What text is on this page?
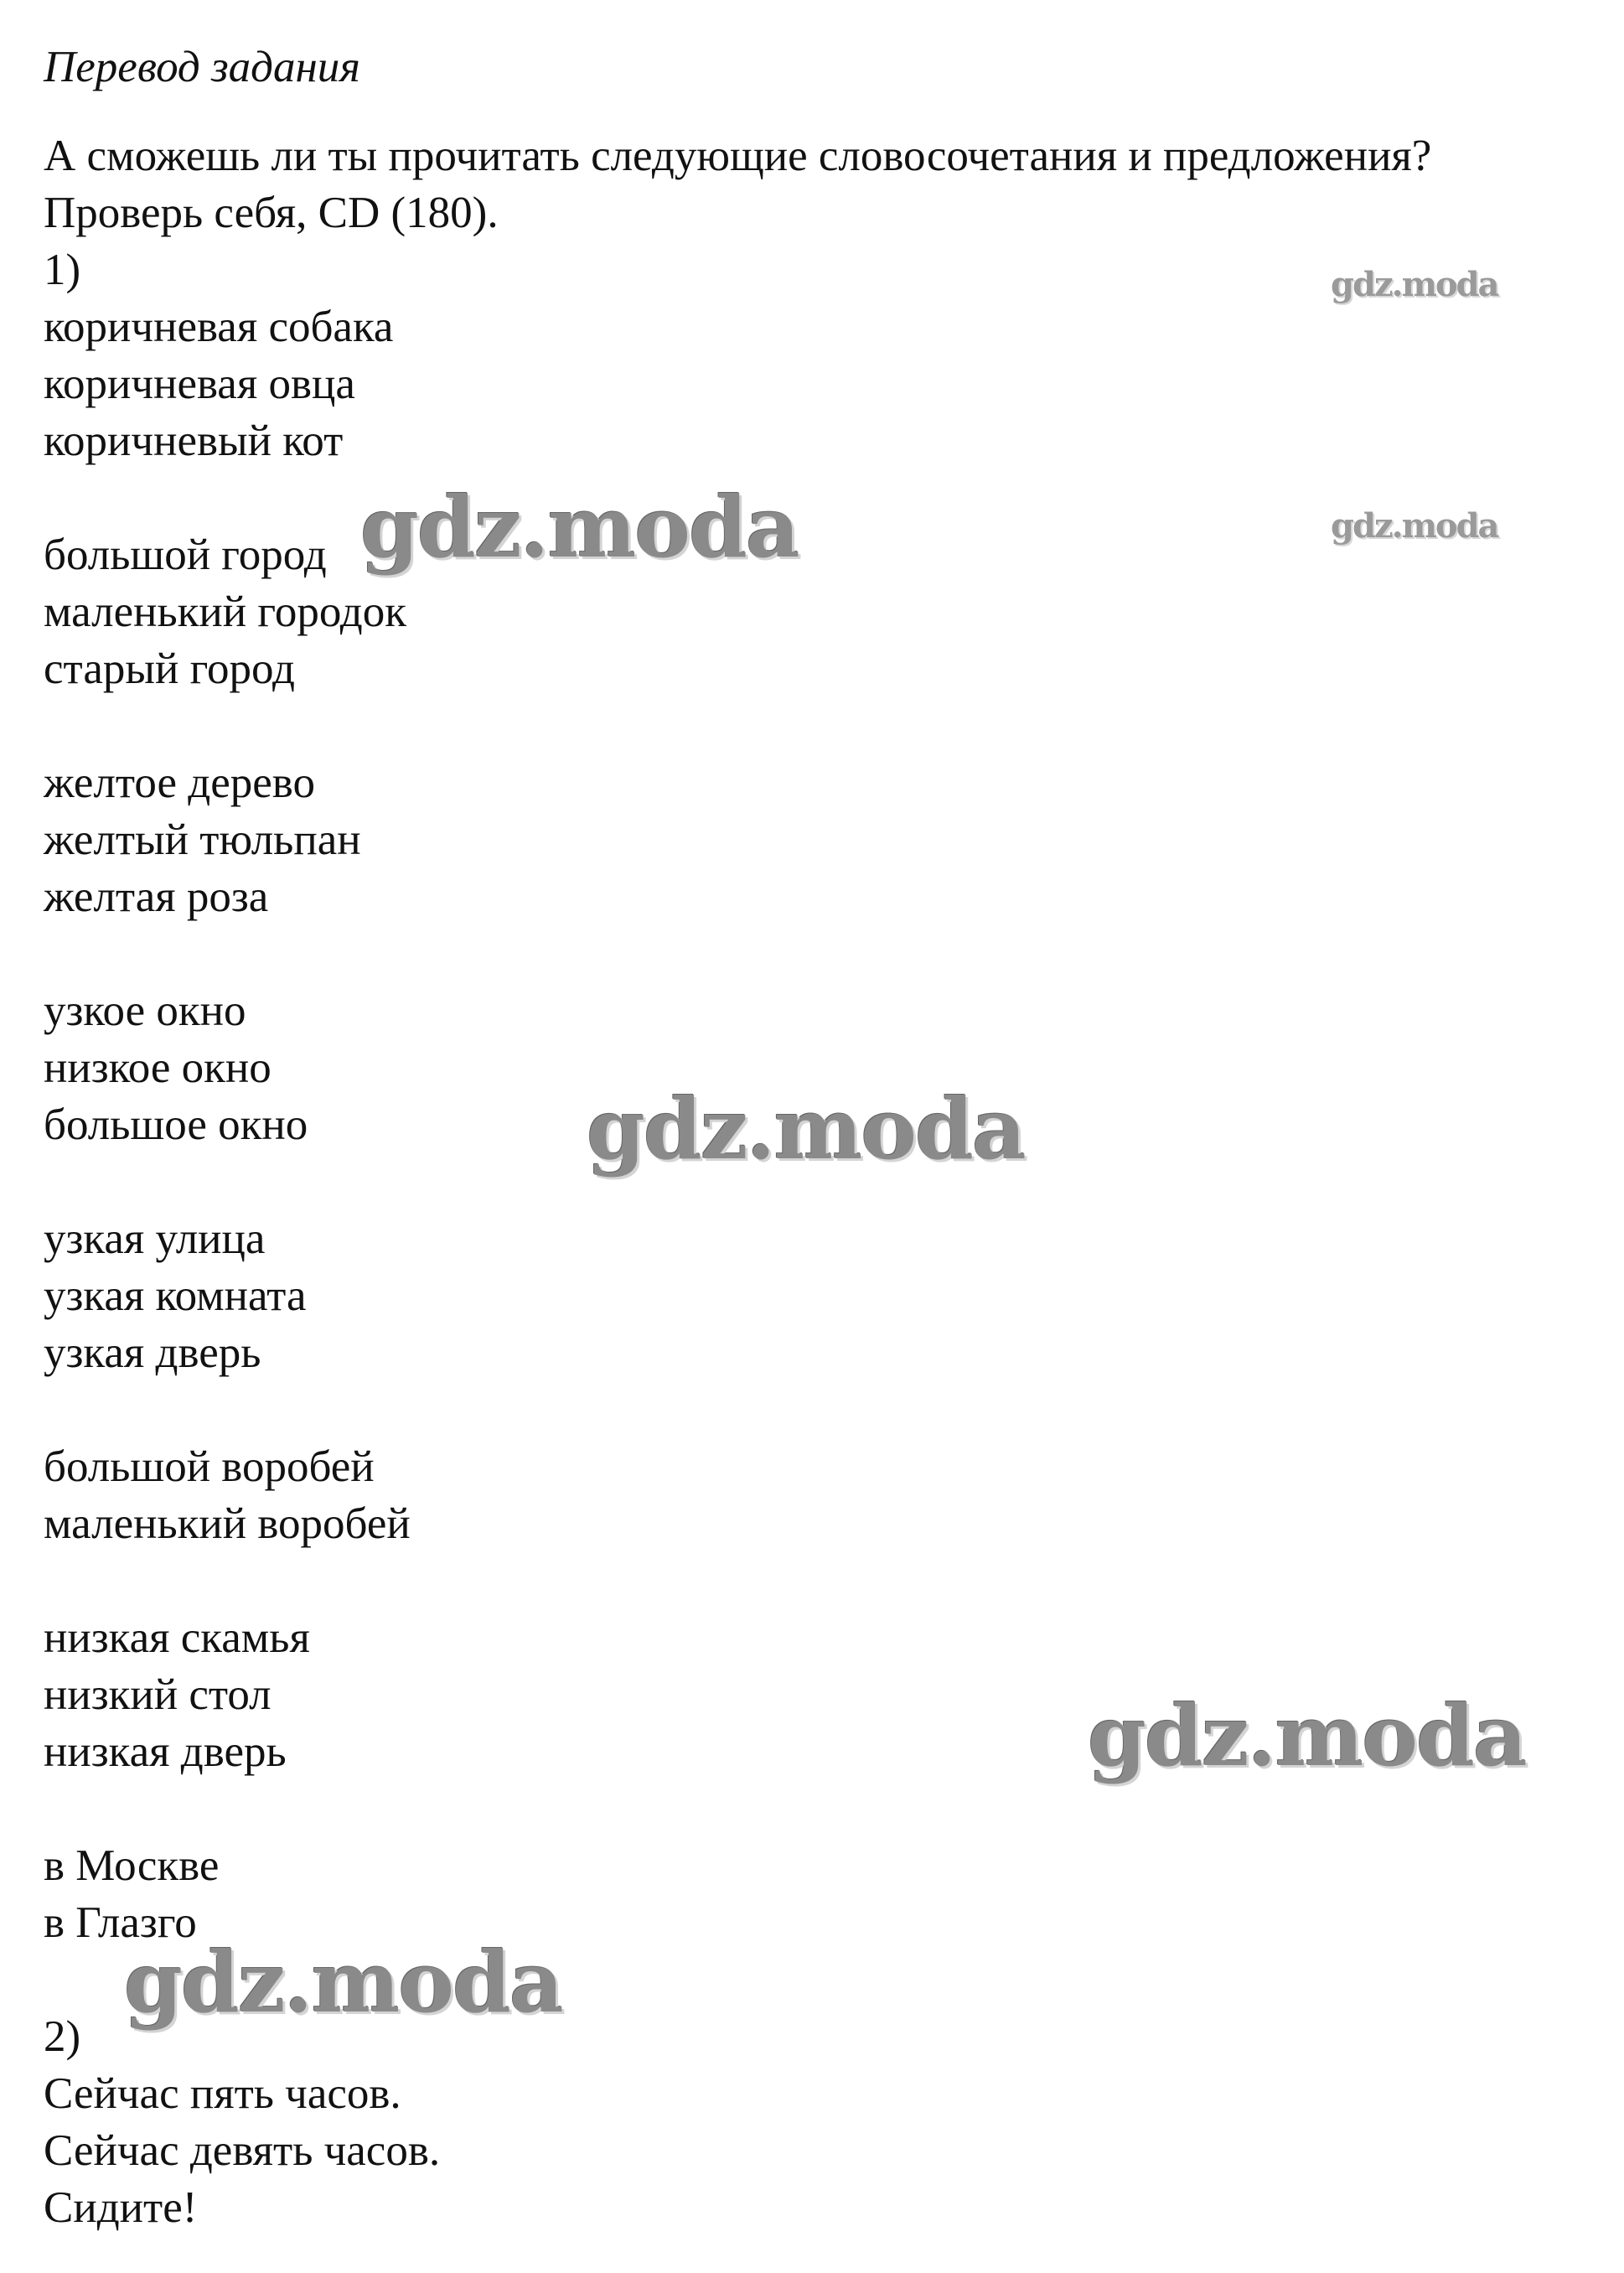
Перевод задания

А сможешь ли ты прочитать следующие словосочетания и предложения?

Проверь себя, CD (180).

1)

коричневая собака

коричневая овца

коричневый кот

большой город

маленький городок

старый город

желтое дерево

желтый тюльпан

желтая роза

узкое окно

низкое окно

большое окно

узкая улица

узкая комната

узкая дверь

большой воробей

маленький воробей

низкая скамья

низкий стол

низкая дверь

в Москве

в Глазго

2)

Сейчас пять часов.

Сейчас девять часов.

Сидите!

gdz.moda
gdz.moda
gdz.moda
gdz.moda
gdz.moda
gdz.moda
